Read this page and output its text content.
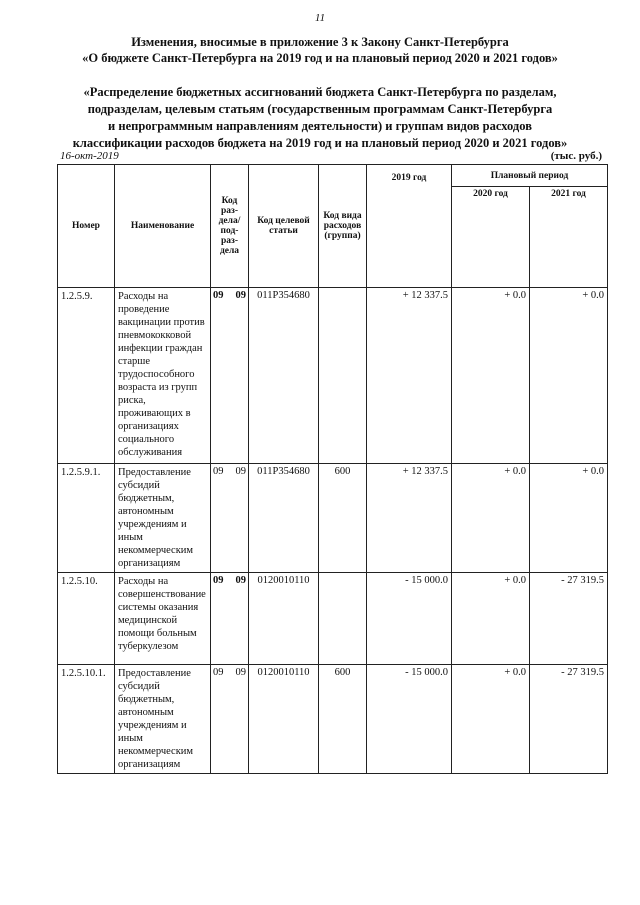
11
Изменения, вносимые в приложение 3 к Закону Санкт-Петербурга
«О бюджете Санкт-Петербурга на 2019 год и на плановый период 2020 и 2021 годов»
«Распределение бюджетных ассигнований бюджета Санкт-Петербурга по разделам,
подразделам, целевым статьям (государственным программам Санкт-Петербурга
и непрограммным направлениям деятельности) и группам видов расходов
классификации расходов бюджета на 2019 год и на плановый период 2020 и 2021 годов»
16-окт-2019	(тыс. руб.)
Номер	Наименование	Код раз- дела/ под- раз- дела	Код целевой статьи	Код вида расходов (группа)	2019 год	Плановый период	
						2020 год	2021 год
1.2.5.9.	Расходы на проведение вакцинации против пневмококковой инфекции граждан старше трудоспособного возраста из групп риска, проживающих в организациях социального обслуживания	09 09	011P354680		+ 12 337.5	+ 0.0	+ 0.0
1.2.5.9.1.	Предоставление субсидий бюджетным, автономным учреждениям и иным некоммерческим организациям	09 09	011P354680	600	+ 12 337.5	+ 0.0	+ 0.0
1.2.5.10.	Расходы на совершенствование системы оказания медицинской помощи больным туберкулезом	09 09	0120010110		- 15 000.0	+ 0.0	- 27 319.5
1.2.5.10.1.	Предоставление субсидий бюджетным, автономным учреждениям и иным некоммерческим организациям	09 09	0120010110	600	- 15 000.0	+ 0.0	- 27 319.5
